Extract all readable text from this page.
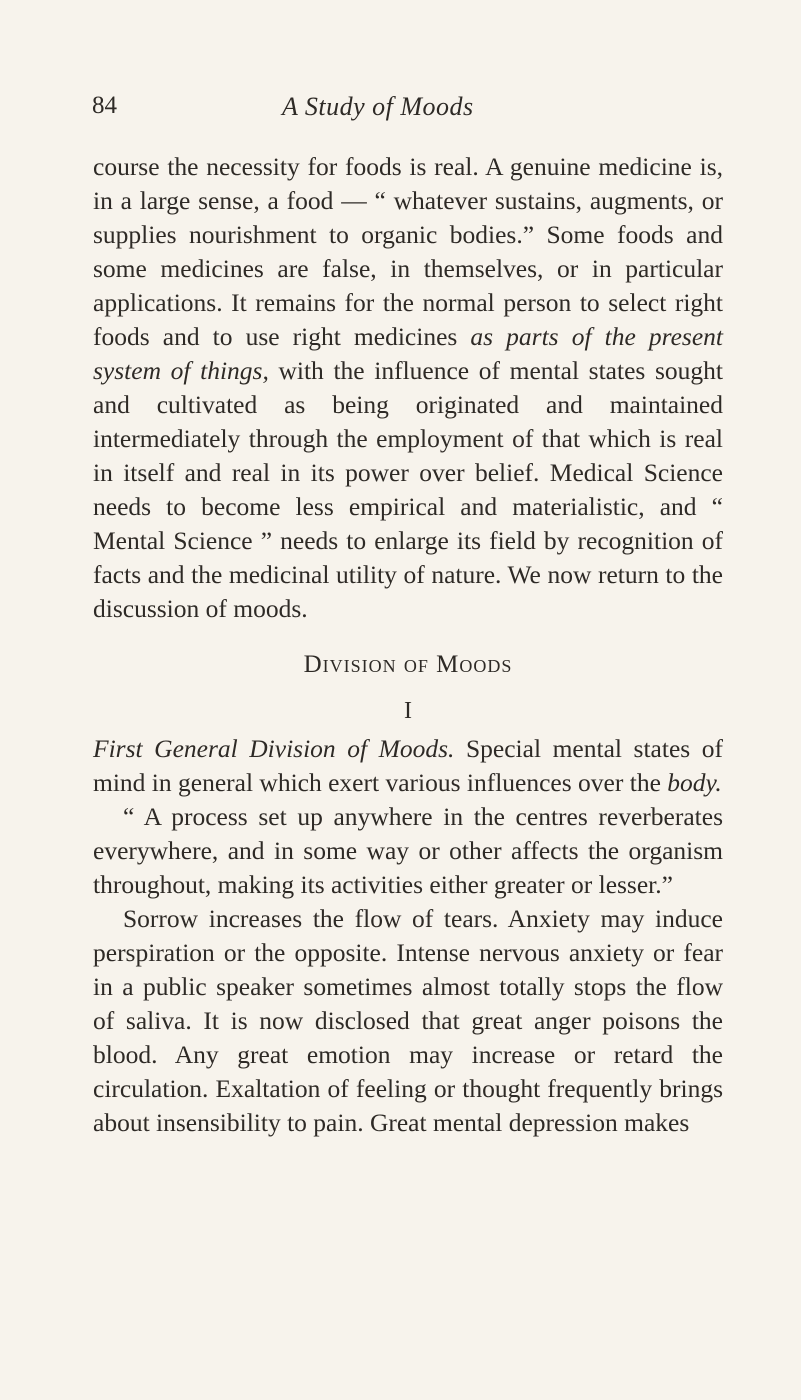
84	A Study of Moods

course the necessity for foods is real. A genuine medicine is, in a large sense, a food — “ whatever sustains, augments, or supplies nourishment to organic bodies.” Some foods and some medicines are false, in themselves, or in particular applications. It remains for the normal person to select right foods and to use right medicines as parts of the present system of things, with the influence of mental states sought and cultivated as being originated and maintained intermediately through the employment of that which is real in itself and real in its power over belief. Medical Science needs to become less empirical and materialistic, and “ Mental Science ” needs to enlarge its field by recognition of facts and the medicinal utility of nature. We now return to the discussion of moods.

Division of Moods

I

First General Division of Moods. Special mental states of mind in general which exert various influences over the body.

“ A process set up anywhere in the centres reverberates everywhere, and in some way or other affects the organism throughout, making its activities either greater or lesser.”

Sorrow increases the flow of tears. Anxiety may induce perspiration or the opposite. Intense nervous anxiety or fear in a public speaker sometimes almost totally stops the flow of saliva. It is now disclosed that great anger poisons the blood. Any great emotion may increase or retard the circulation. Exaltation of feeling or thought frequently brings about insensibility to pain. Great mental depression makes
